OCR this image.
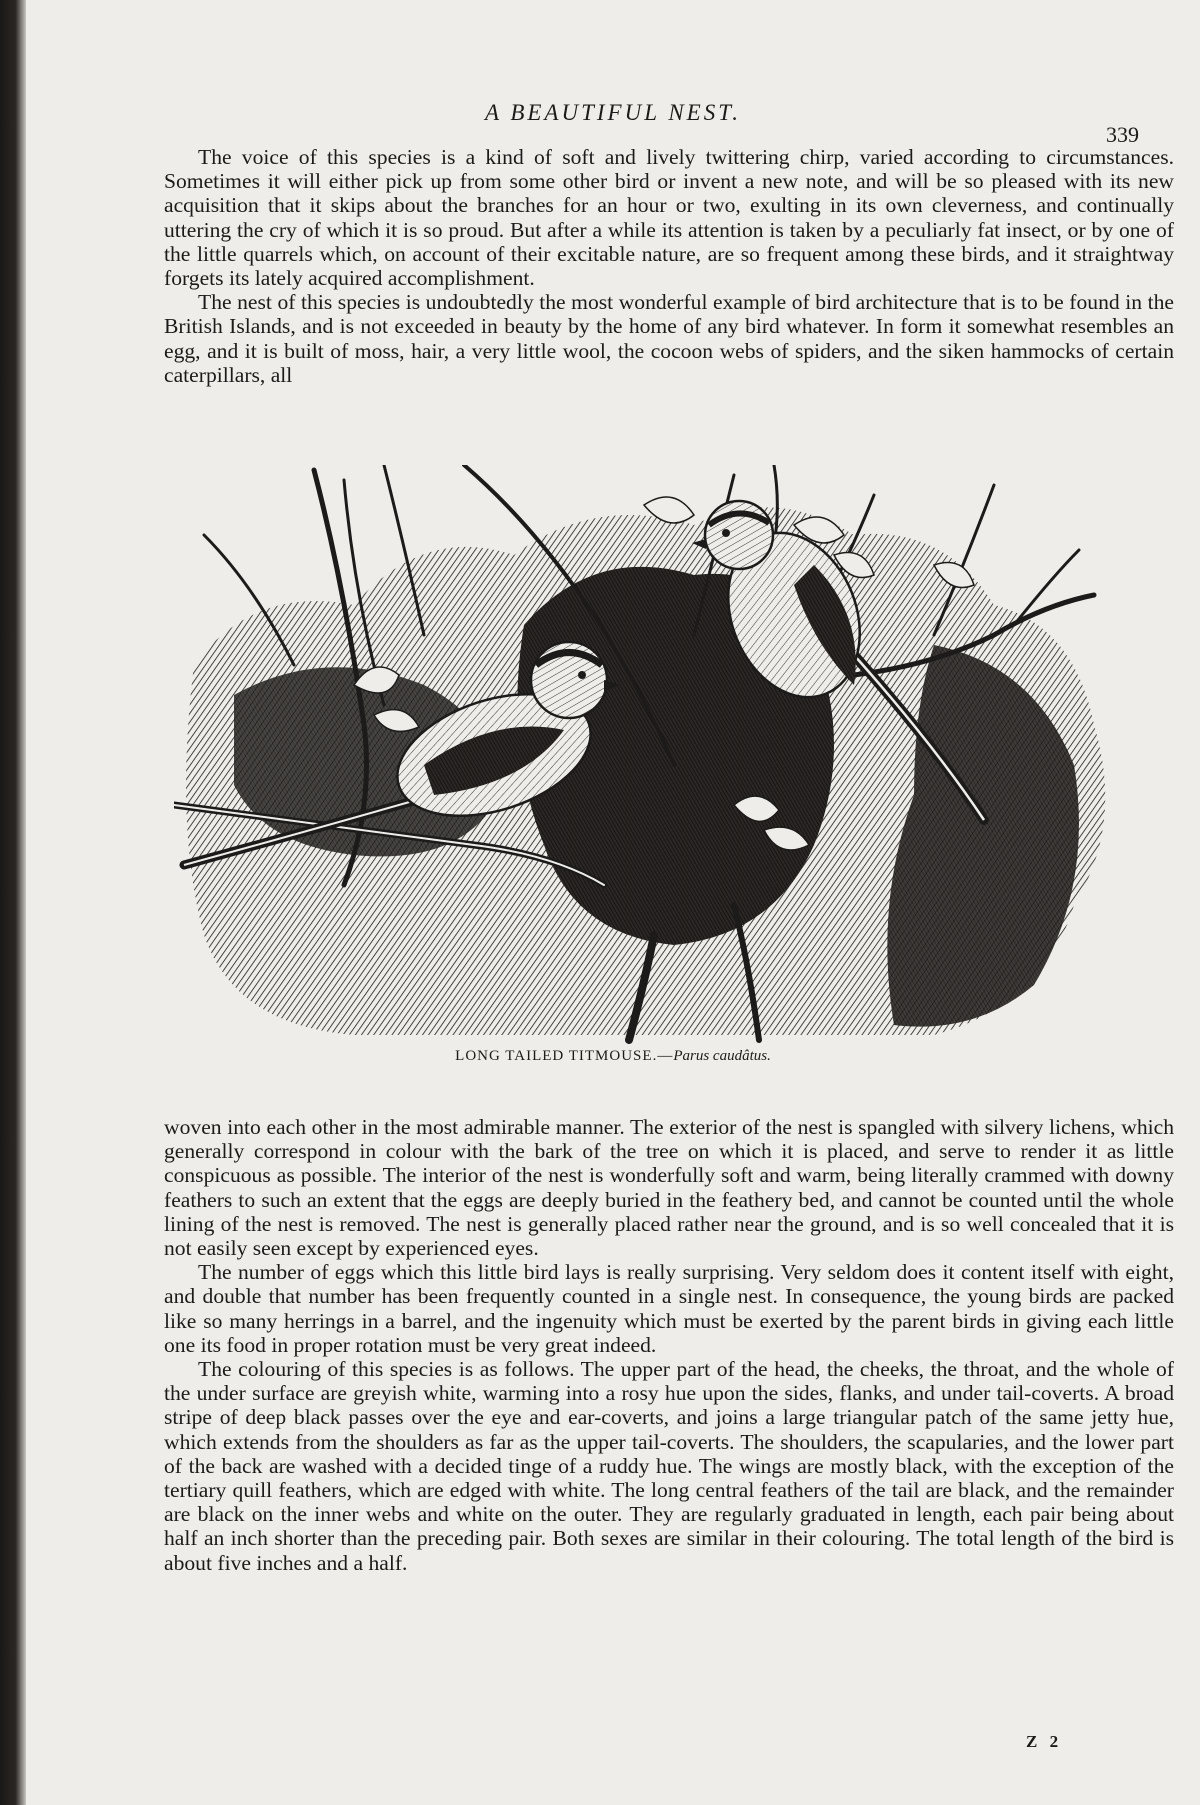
A BEAUTIFUL NEST.
339

The voice of this species is a kind of soft and lively twittering chirp, varied according to circumstances. Sometimes it will either pick up from some other bird or invent a new note, and will be so pleased with its new acquisition that it skips about the branches for an hour or two, exulting in its own cleverness, and continually uttering the cry of which it is so proud. But after a while its attention is taken by a peculiarly fat insect, or by one of the little quarrels which, on account of their excitable nature, are so frequent among these birds, and it straightway forgets its lately acquired accomplishment.

The nest of this species is undoubtedly the most wonderful example of bird architecture that is to be found in the British Islands, and is not exceeded in beauty by the home of any bird whatever. In form it somewhat resembles an egg, and it is built of moss, hair, a very little wool, the cocoon webs of spiders, and the siken hammocks of certain caterpillars, all

LONG TAILED TITMOUSE.—Parus caudâtus.

woven into each other in the most admirable manner. The exterior of the nest is spangled with silvery lichens, which generally correspond in colour with the bark of the tree on which it is placed, and serve to render it as little conspicuous as possible. The interior of the nest is wonderfully soft and warm, being literally crammed with downy feathers to such an extent that the eggs are deeply buried in the feathery bed, and cannot be counted until the whole lining of the nest is removed. The nest is generally placed rather near the ground, and is so well concealed that it is not easily seen except by experienced eyes.

The number of eggs which this little bird lays is really surprising. Very seldom does it content itself with eight, and double that number has been frequently counted in a single nest. In consequence, the young birds are packed like so many herrings in a barrel, and the ingenuity which must be exerted by the parent birds in giving each little one its food in proper rotation must be very great indeed.

The colouring of this species is as follows. The upper part of the head, the cheeks, the throat, and the whole of the under surface are greyish white, warming into a rosy hue upon the sides, flanks, and under tail-coverts. A broad stripe of deep black passes over the eye and ear-coverts, and joins a large triangular patch of the same jetty hue, which extends from the shoulders as far as the upper tail-coverts. The shoulders, the scapularies, and the lower part of the back are washed with a decided tinge of a ruddy hue. The wings are mostly black, with the exception of the tertiary quill feathers, which are edged with white. The long central feathers of the tail are black, and the remainder are black on the inner webs and white on the outer. They are regularly graduated in length, each pair being about half an inch shorter than the preceding pair. Both sexes are similar in their colouring. The total length of the bird is about five inches and a half.

Z 2
